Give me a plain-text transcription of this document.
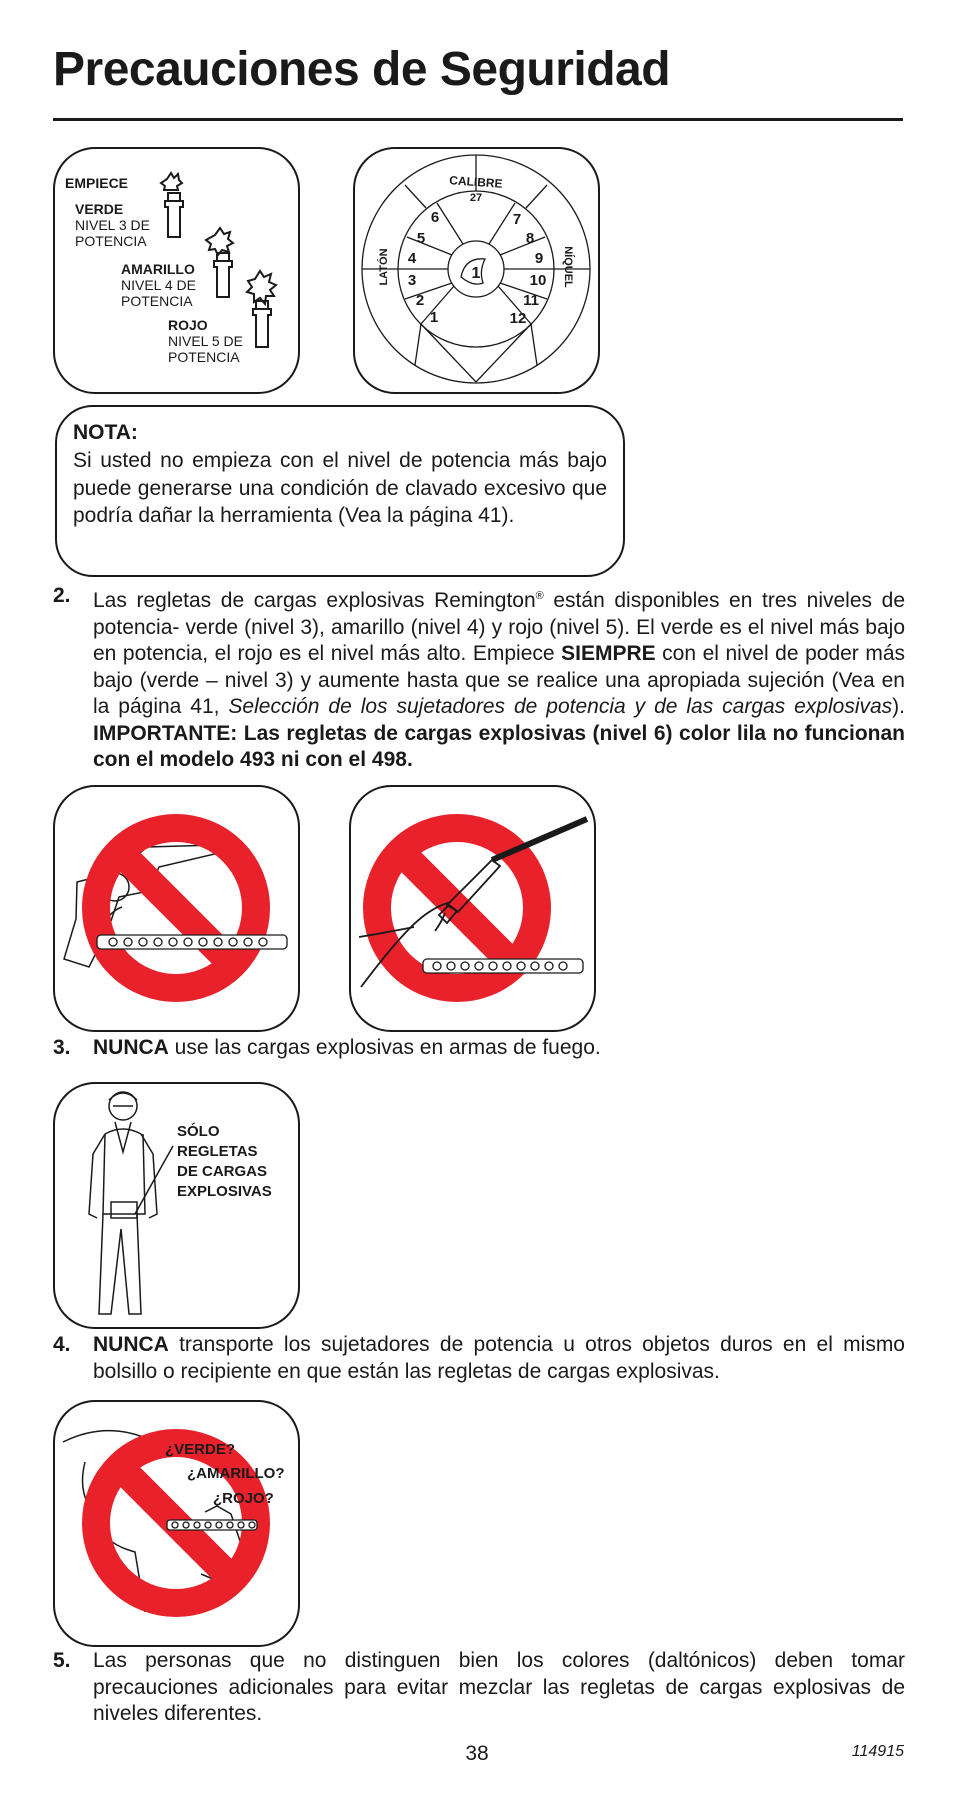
Precauciones de Seguridad
EMPIECE
VERDE
NIVEL 3 DE
POTENCIA
AMARILLO
NIVEL 4 DE
POTENCIA
ROJO
NIVEL 5 DE
POTENCIA
CALIBRE
27
LATÓN	NÍQUEL
1
1
2
3
4
5
6	7
8
9
10
11
12
NOTA:
Si usted no empieza con el nivel de potencia más bajo puede generarse una condición de clavado excesivo que podría dañar la herramienta (Vea la página 41).
2. Las regletas de cargas explosivas Remington® están disponibles en tres niveles de potencia- verde (nivel 3), amarillo (nivel 4) y rojo (nivel 5). El verde es el nivel más bajo en potencia, el rojo es el nivel más alto. Empiece SIEMPRE con el nivel de poder más bajo (verde – nivel 3) y aumente hasta que se realice una apropiada sujeción (Vea en la página 41, Selección de los sujetadores de potencia y de las cargas explosivas). IMPORTANTE: Las regletas de cargas explosivas (nivel 6) color lila no funcionan con el modelo 493 ni con el 498.
3. NUNCA use las cargas explosivas en armas de fuego.
SÓLO
REGLETAS
DE CARGAS
EXPLOSIVAS
4. NUNCA transporte los sujetadores de potencia u otros objetos duros en el mismo bolsillo o recipiente en que están las regletas de cargas explosivas.
¿VERDE?
¿AMARILLO?
¿ROJO?
5. Las personas que no distinguen bien los colores (daltónicos) deben tomar precauciones adicionales para evitar mezclar las regletas de cargas explosivas de niveles diferentes.
38	114915
